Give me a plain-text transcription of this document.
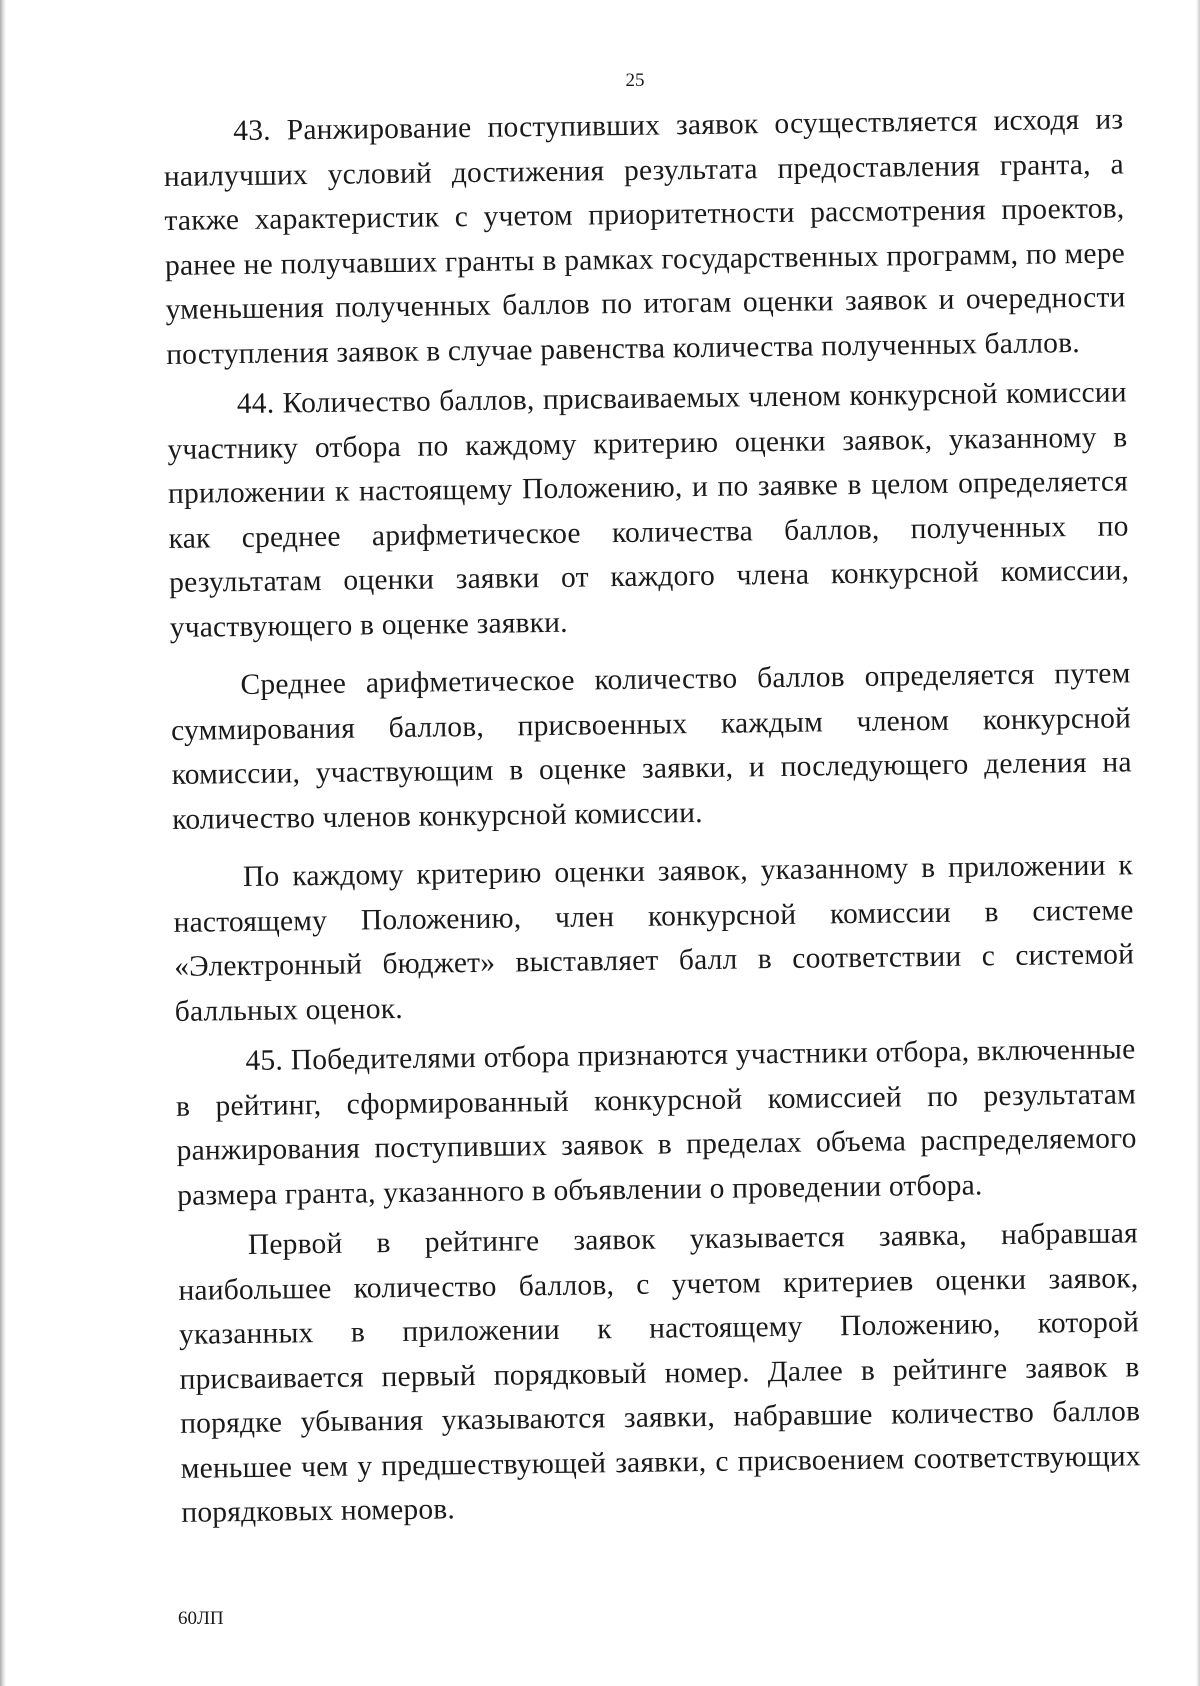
25

43. Ранжирование поступивших заявок осуществляется исходя из наилучших условий достижения результата предоставления гранта, а также характеристик с учетом приоритетности рассмотрения проектов, ранее не получавших гранты в рамках государственных программ, по мере уменьшения полученных баллов по итогам оценки заявок и очередности поступления заявок в случае равенства количества полученных баллов.

44. Количество баллов, присваиваемых членом конкурсной комиссии участнику отбора по каждому критерию оценки заявок, указанному в приложении к настоящему Положению, и по заявке в целом определяется как среднее арифметическое количества баллов, полученных по результатам оценки заявки от каждого члена конкурсной комиссии, участвующего в оценке заявки.

Среднее арифметическое количество баллов определяется путем суммирования баллов, присвоенных каждым членом конкурсной комиссии, участвующим в оценке заявки, и последующего деления на количество членов конкурсной комиссии.

По каждому критерию оценки заявок, указанному в приложении к настоящему Положению, член конкурсной комиссии в системе «Электронный бюджет» выставляет балл в соответствии с системой балльных оценок.

45. Победителями отбора признаются участники отбора, включенные в рейтинг, сформированный конкурсной комиссией по результатам ранжирования поступивших заявок в пределах объема распределяемого размера гранта, указанного в объявлении о проведении отбора.

Первой в рейтинге заявок указывается заявка, набравшая наибольшее количество баллов, с учетом критериев оценки заявок, указанных в приложении к настоящему Положению, которой присваивается первый порядковый номер. Далее в рейтинге заявок в порядке убывания указываются заявки, набравшие количество баллов меньшее чем у предшествующей заявки, с присвоением соответствующих порядковых номеров.

60ЛП
